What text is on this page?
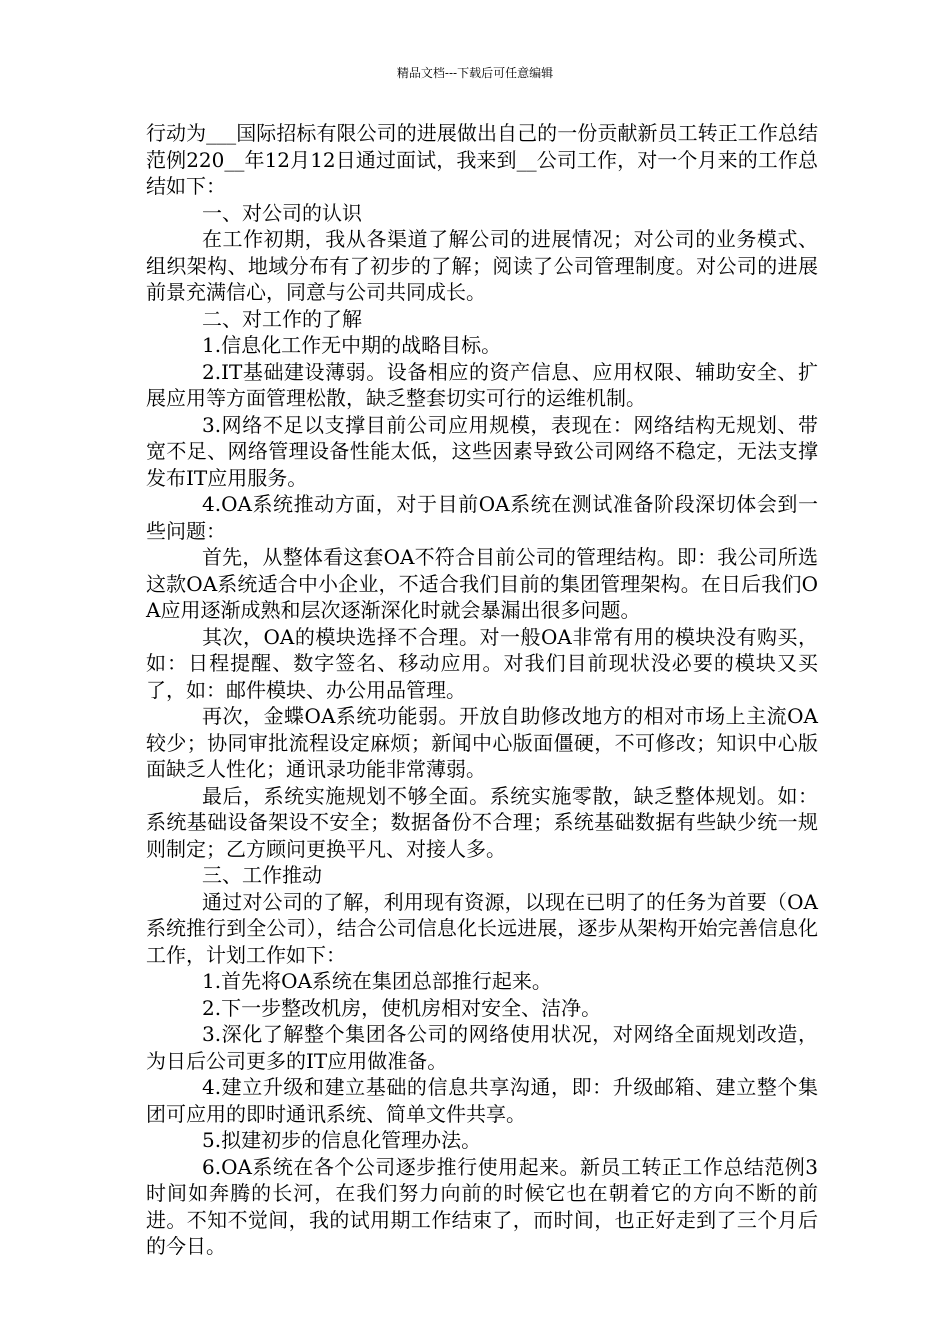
精品文档---下载后可任意编辑

行动为___国际招标有限公司的进展做出自己的一份贡献新员工转正工作总结范例220__年12月12日通过面试，我来到__公司工作，对一个月来的工作总结如下：

一、对公司的认识

在工作初期，我从各渠道了解公司的进展情况；对公司的业务模式、组织架构、地域分布有了初步的了解；阅读了公司管理制度。对公司的进展前景充满信心，同意与公司共同成长。

二、对工作的了解

1.信息化工作无中期的战略目标。

2.IT基础建设薄弱。设备相应的资产信息、应用权限、辅助安全、扩展应用等方面管理松散，缺乏整套切实可行的运维机制。

3.网络不足以支撑目前公司应用规模，表现在：网络结构无规划、带宽不足、网络管理设备性能太低，这些因素导致公司网络不稳定，无法支撑发布IT应用服务。

4.OA系统推动方面，对于目前OA系统在测试准备阶段深切体会到一些问题：

首先，从整体看这套OA不符合目前公司的管理结构。即：我公司所选这款OA系统适合中小企业，不适合我们目前的集团管理架构。在日后我们OA应用逐渐成熟和层次逐渐深化时就会暴漏出很多问题。

其次，OA的模块选择不合理。对一般OA非常有用的模块没有购买，如：日程提醒、数字签名、移动应用。对我们目前现状没必要的模块又买了，如：邮件模块、办公用品管理。

再次，金蝶OA系统功能弱。开放自助修改地方的相对市场上主流OA较少；协同审批流程设定麻烦；新闻中心版面僵硬，不可修改；知识中心版面缺乏人性化；通讯录功能非常薄弱。

最后，系统实施规划不够全面。系统实施零散，缺乏整体规划。如：系统基础设备架设不安全；数据备份不合理；系统基础数据有些缺少统一规则制定；乙方顾问更换平凡、对接人多。

三、工作推动

通过对公司的了解，利用现有资源，以现在已明了的任务为首要（OA系统推行到全公司），结合公司信息化长远进展，逐步从架构开始完善信息化工作，计划工作如下：

1.首先将OA系统在集团总部推行起来。

2.下一步整改机房，使机房相对安全、洁净。

3.深化了解整个集团各公司的网络使用状况，对网络全面规划改造，为日后公司更多的IT应用做准备。

4.建立升级和建立基础的信息共享沟通，即：升级邮箱、建立整个集团可应用的即时通讯系统、简单文件共享。

5.拟建初步的信息化管理办法。

6.OA系统在各个公司逐步推行使用起来。新员工转正工作总结范例3时间如奔腾的长河，在我们努力向前的时候它也在朝着它的方向不断的前进。不知不觉间，我的试用期工作结束了，而时间，也正好走到了三个月后的今日。
